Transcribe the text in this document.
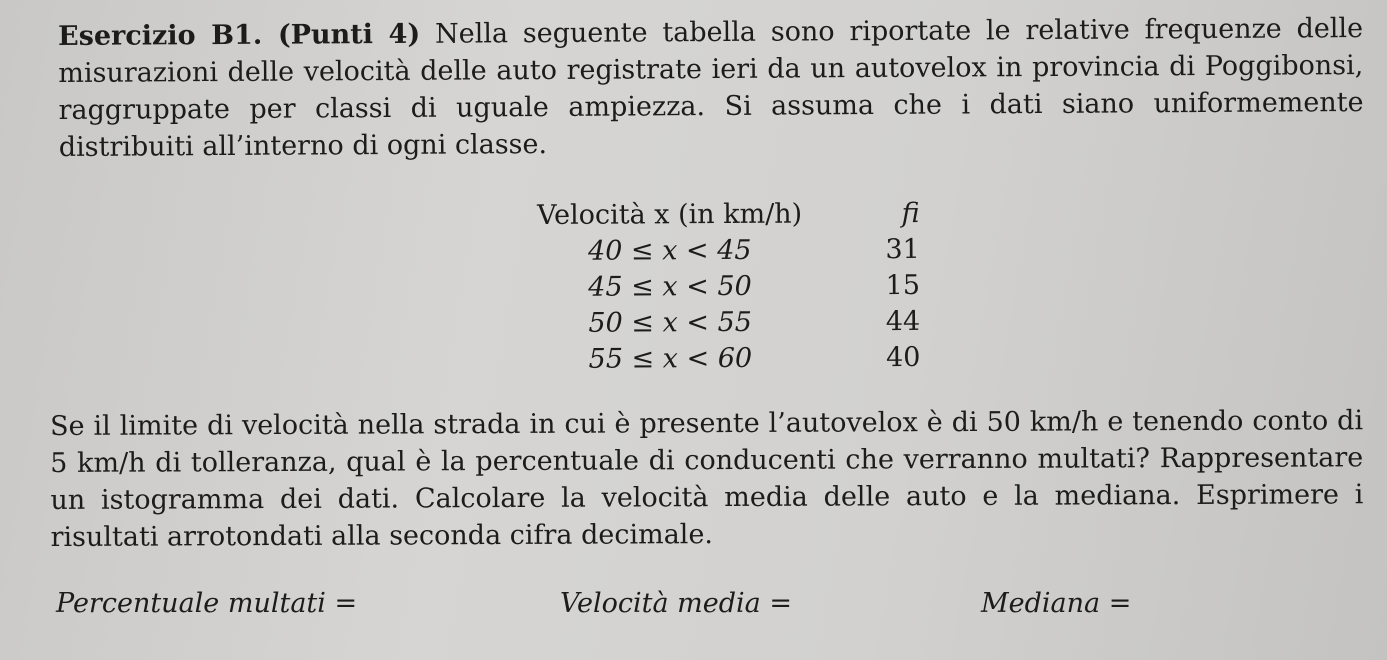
Esercizio B1. (Punti 4) Nella seguente tabella sono riportate le relative frequenze delle misurazioni delle velocità delle auto registrate ieri da un autovelox in provincia di Poggibonsi, raggruppate per classi di uguale ampiezza. Si assuma che i dati siano uniformemente distribuiti all’interno di ogni classe.

Velocità x (in km/h)	fi
40 ≤ x < 45	31
45 ≤ x < 50	15
50 ≤ x < 55	44
55 ≤ x < 60	40

Se il limite di velocità nella strada in cui è presente l’autovelox è di 50 km/h e tenendo conto di 5 km/h di tolleranza, qual è la percentuale di conducenti che verranno multati? Rappresentare un istogramma dei dati. Calcolare la velocità media delle auto e la mediana. Esprimere i risultati arrotondati alla seconda cifra decimale.

Percentuale multati =	Velocità media =	Mediana =
